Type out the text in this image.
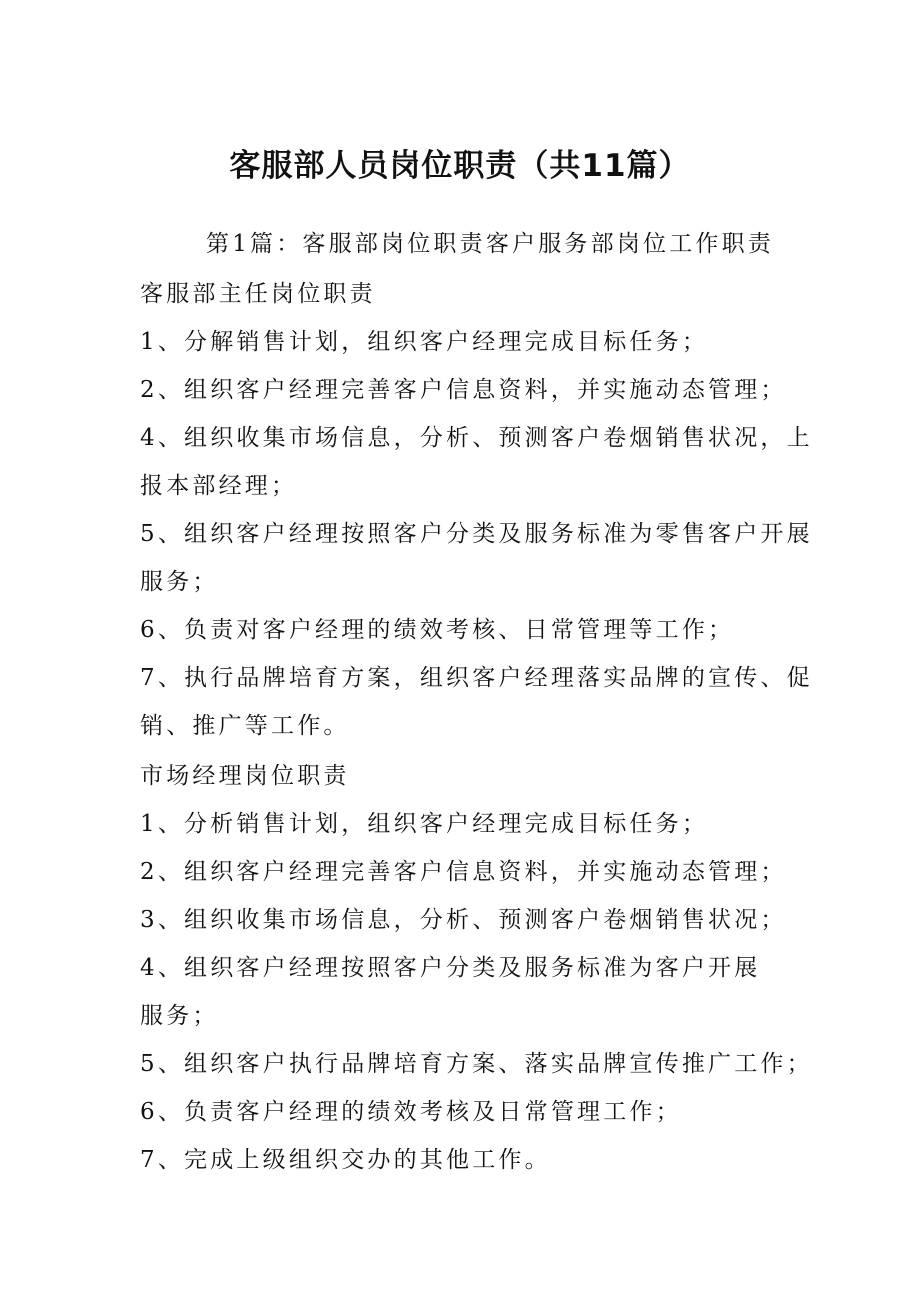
客服部人员岗位职责（共11篇）
第1篇：客服部岗位职责客户服务部岗位工作职责
客服部主任岗位职责
1、分解销售计划，组织客户经理完成目标任务；
2、组织客户经理完善客户信息资料，并实施动态管理；
4、组织收集市场信息，分析、预测客户卷烟销售状况，上
报本部经理；
5、组织客户经理按照客户分类及服务标准为零售客户开展
服务；
6、负责对客户经理的绩效考核、日常管理等工作；
7、执行品牌培育方案，组织客户经理落实品牌的宣传、促
销、推广等工作。
市场经理岗位职责
1、分析销售计划，组织客户经理完成目标任务；
2、组织客户经理完善客户信息资料，并实施动态管理；
3、组织收集市场信息，分析、预测客户卷烟销售状况；
4、组织客户经理按照客户分类及服务标准为客户开展
服务；
5、组织客户执行品牌培育方案、落实品牌宣传推广工作；
6、负责客户经理的绩效考核及日常管理工作；
7、完成上级组织交办的其他工作。
